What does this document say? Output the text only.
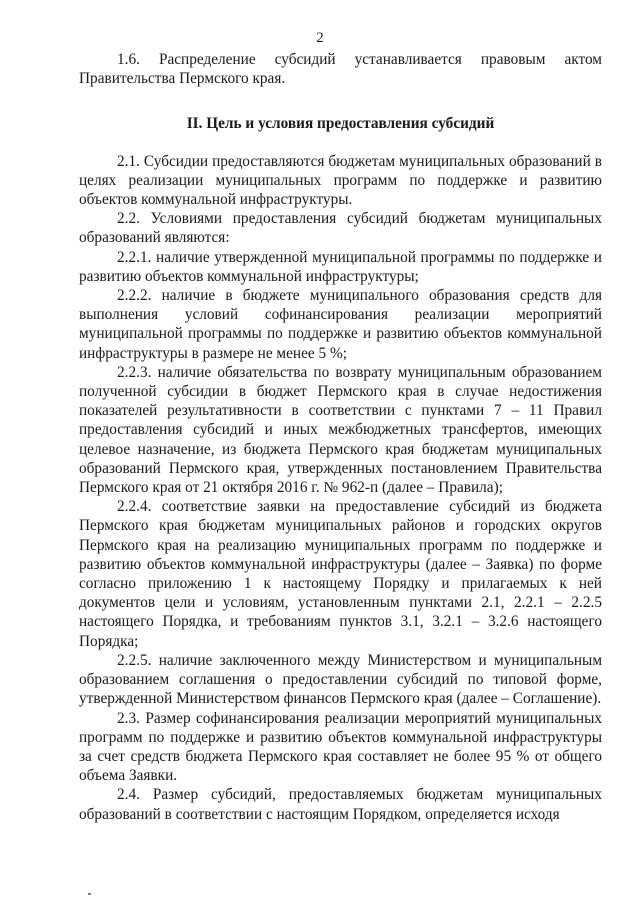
2

1.6. Распределение субсидий устанавливается правовым актом Правительства Пермского края.

II. Цель и условия предоставления субсидий

2.1. Субсидии предоставляются бюджетам муниципальных образований в целях реализации муниципальных программ по поддержке и развитию объектов коммунальной инфраструктуры.

2.2. Условиями предоставления субсидий бюджетам муниципальных образований являются:

2.2.1. наличие утвержденной муниципальной программы по поддержке и развитию объектов коммунальной инфраструктуры;

2.2.2. наличие в бюджете муниципального образования средств для выполнения условий софинансирования реализации мероприятий муниципальной программы по поддержке и развитию объектов коммунальной инфраструктуры в размере не менее 5 %;

2.2.3. наличие обязательства по возврату муниципальным образованием полученной субсидии в бюджет Пермского края в случае недостижения показателей результативности в соответствии с пунктами 7 – 11 Правил предоставления субсидий и иных межбюджетных трансфертов, имеющих целевое назначение, из бюджета Пермского края бюджетам муниципальных образований Пермского края, утвержденных постановлением Правительства Пермского края от 21 октября 2016 г. № 962-п (далее – Правила);

2.2.4. соответствие заявки на предоставление субсидий из бюджета Пермского края бюджетам муниципальных районов и городских округов Пермского края на реализацию муниципальных программ по поддержке и развитию объектов коммунальной инфраструктуры (далее – Заявка) по форме согласно приложению 1 к настоящему Порядку и прилагаемых к ней документов цели и условиям, установленным пунктами 2.1, 2.2.1 – 2.2.5 настоящего Порядка, и требованиям пунктов 3.1, 3.2.1 – 3.2.6 настоящего Порядка;

2.2.5. наличие заключенного между Министерством и муниципальным образованием соглашения о предоставлении субсидий по типовой форме, утвержденной Министерством финансов Пермского края (далее – Соглашение).

2.3. Размер софинансирования реализации мероприятий муниципальных программ по поддержке и развитию объектов коммунальной инфраструктуры за счет средств бюджета Пермского края составляет не более 95 % от общего объема Заявки.

2.4. Размер субсидий, предоставляемых бюджетам муниципальных образований в соответствии с настоящим Порядком, определяется исходя
